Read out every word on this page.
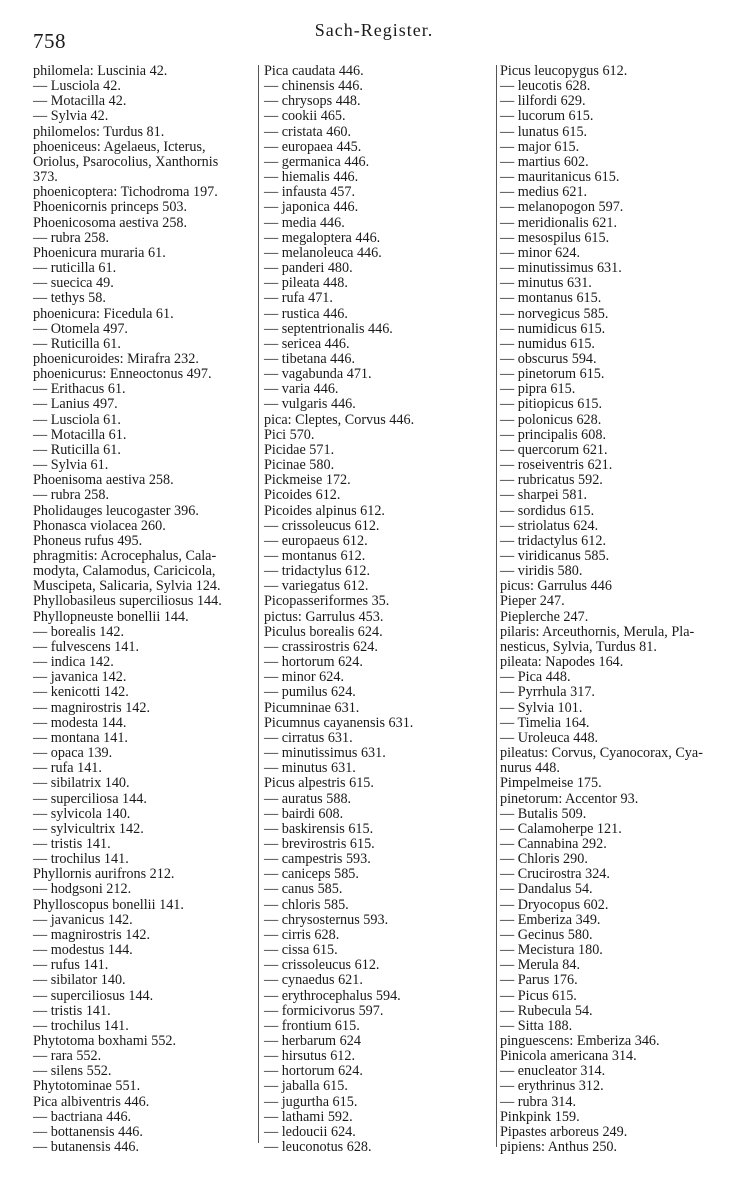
758	Sach-Register.
philomela: Luscinia 42.
— Lusciola 42.
— Motacilla 42.
— Sylvia 42.
philomelos: Turdus 81.
phoeniceus: Agelaeus, Icterus,
Oriolus, Psarocolius, Xanthornis
373.
phoenicoptera: Tichodroma 197.
Phoenicornis princeps 503.
Phoenicosoma aestiva 258.
— rubra 258.
Phoenicura muraria 61.
— ruticilla 61.
— suecica 49.
— tethys 58.
phoenicura: Ficedula 61.
— Otomela 497.
— Ruticilla 61.
phoenicuroides: Mirafra 232.
phoenicurus: Enneoctonus 497.
— Erithacus 61.
— Lanius 497.
— Lusciola 61.
— Motacilla 61.
— Ruticilla 61.
— Sylvia 61.
Phoenisoma aestiva 258.
— rubra 258.
Pholidauges leucogaster 396.
Phonasca violacea 260.
Phoneus rufus 495.
phragmitis: Acrocephalus, Cala-
modyta, Calamodus, Caricicola,
Muscipeta, Salicaria, Sylvia 124.
Phyllobasileus superciliosus 144.
Phyllopneuste bonellii 144.
— borealis 142.
— fulvescens 141.
— indica 142.
— javanica 142.
— kenicotti 142.
— magnirostris 142.
— modesta 144.
— montana 141.
— opaca 139.
— rufa 141.
— sibilatrix 140.
— superciliosa 144.
— sylvicola 140.
— sylvicultrix 142.
— tristis 141.
— trochilus 141.
Phyllornis aurifrons 212.
— hodgsoni 212.
Phylloscopus bonellii 141.
— javanicus 142.
— magnirostris 142.
— modestus 144.
— rufus 141.
— sibilator 140.
— superciliosus 144.
— tristis 141.
— trochilus 141.
Phytotoma boxhami 552.
— rara 552.
— silens 552.
Phytotominae 551.
Pica albiventris 446.
— bactriana 446.
— bottanensis 446.
— butanensis 446.
Pica caudata 446.
— chinensis 446.
— chrysops 448.
— cookii 465.
— cristata 460.
— europaea 445.
— germanica 446.
— hiemalis 446.
— infausta 457.
— japonica 446.
— media 446.
— megaloptera 446.
— melanoleuca 446.
— panderi 480.
— pileata 448.
— rufa 471.
— rustica 446.
— septentrionalis 446.
— sericea 446.
— tibetana 446.
— vagabunda 471.
— varia 446.
— vulgaris 446.
pica: Cleptes, Corvus 446.
Pici 570.
Picidae 571.
Picinae 580.
Pickmeise 172.
Picoides 612.
Picoides alpinus 612.
— crissoleucus 612.
— europaeus 612.
— montanus 612.
— tridactylus 612.
— variegatus 612.
Picopasseriformes 35.
pictus: Garrulus 453.
Piculus borealis 624.
— crassirostris 624.
— hortorum 624.
— minor 624.
— pumilus 624.
Picumninae 631.
Picumnus cayanensis 631.
— cirratus 631.
— minutissimus 631.
— minutus 631.
Picus alpestris 615.
— auratus 588.
— bairdi 608.
— baskirensis 615.
— brevirostris 615.
— campestris 593.
— caniceps 585.
— canus 585.
— chloris 585.
— chrysosternus 593.
— cirris 628.
— cissa 615.
— crissoleucus 612.
— cynaedus 621.
— erythrocephalus 594.
— formicivorus 597.
— frontium 615.
— herbarum 624
— hirsutus 612.
— hortorum 624.
— jaballa 615.
— jugurtha 615.
— lathami 592.
— ledoucii 624.
— leuconotus 628.
Picus leucopygus 612.
— leucotis 628.
— lilfordi 629.
— lucorum 615.
— lunatus 615.
— major 615.
— martius 602.
— mauritanicus 615.
— medius 621.
— melanopogon 597.
— meridionalis 621.
— mesospilus 615.
— minor 624.
— minutissimus 631.
— minutus 631.
— montanus 615.
— norvegicus 585.
— numidicus 615.
— numidus 615.
— obscurus 594.
— pinetorum 615.
— pipra 615.
— pitiopicus 615.
— polonicus 628.
— principalis 608.
— quercorum 621.
— roseiventris 621.
— rubricatus 592.
— sharpei 581.
— sordidus 615.
— striolatus 624.
— tridactylus 612.
— viridicanus 585.
— viridis 580.
picus: Garrulus 446
Pieper 247.
Pieplerche 247.
pilaris: Arceuthornis, Merula, Pla-
nesticus, Sylvia, Turdus 81.
pileata: Napodes 164.
— Pica 448.
— Pyrrhula 317.
— Sylvia 101.
— Timelia 164.
— Uroleuca 448.
pileatus: Corvus, Cyanocorax, Cya-
nurus 448.
Pimpelmeise 175.
pinetorum: Accentor 93.
— Butalis 509.
— Calamoherpe 121.
— Cannabina 292.
— Chloris 290.
— Crucirostra 324.
— Dandalus 54.
— Dryocopus 602.
— Emberiza 349.
— Gecinus 580.
— Mecistura 180.
— Merula 84.
— Parus 176.
— Picus 615.
— Rubecula 54.
— Sitta 188.
pinguescens: Emberiza 346.
Pinicola americana 314.
— enucleator 314.
— erythrinus 312.
— rubra 314.
Pinkpink 159.
Pipastes arboreus 249.
pipiens: Anthus 250.
